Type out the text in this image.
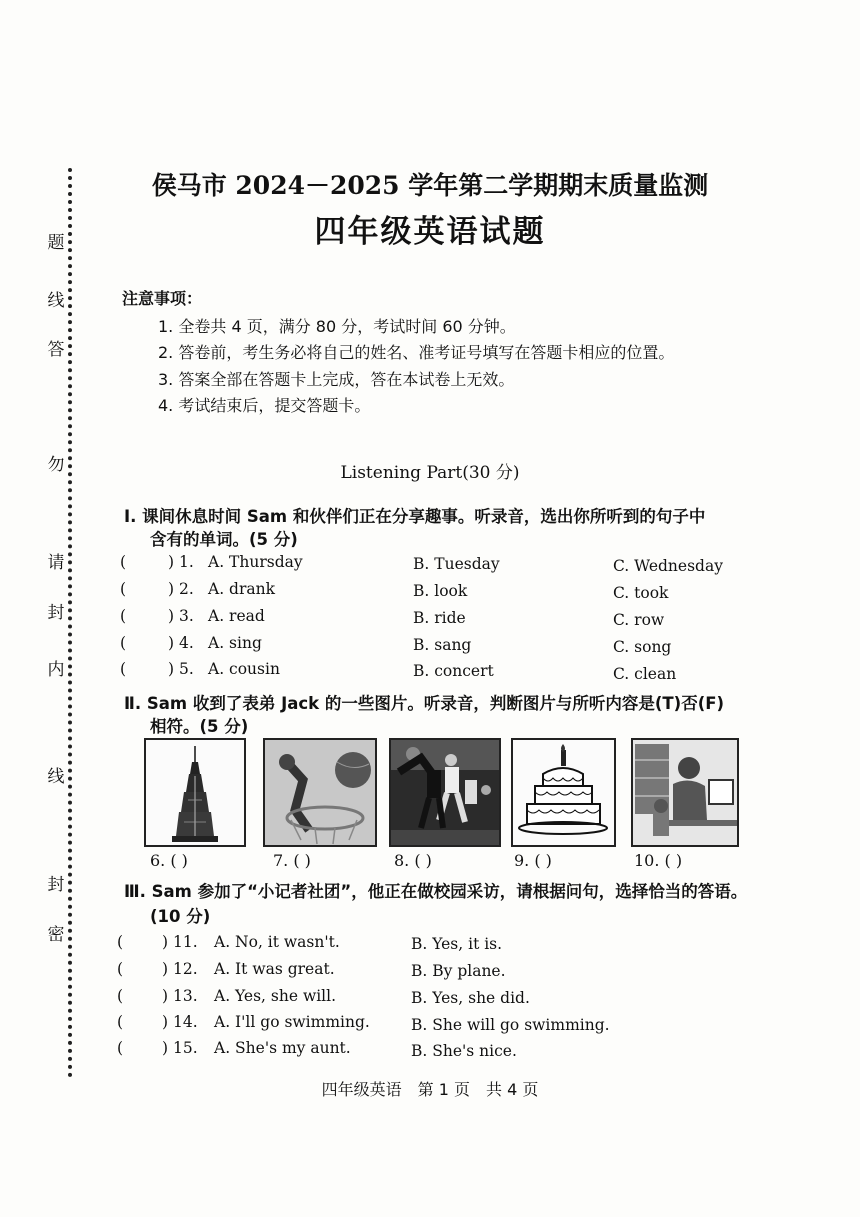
题
线
答
勿
请
封
内
线
封
密
侯马市 2024－2025 学年第二学期期末质量监测
四年级英语试题
注意事项：
1. 全卷共 4 页，满分 80 分，考试时间 60 分钟。
2. 答卷前，考生务必将自己的姓名、准考证号填写在答题卡相应的位置。
3. 答案全部在答题卡上完成，答在本试卷上无效。
4. 考试结束后，提交答题卡。
Listening Part(30 分)
Ⅰ. 课间休息时间 Sam 和伙伴们正在分享趣事。听录音，选出你所听到的句子中
含有的单词。(5 分)
(	) 1. A. Thursday	B. Tuesday	C. Wednesday
(	) 2. A. drank	B. look	C. took
(	) 3. A. read	B. ride	C. row
(	) 4. A. sing	B. sang	C. song
(	) 5. A. cousin	B. concert	C. clean
Ⅱ. Sam 收到了表弟 Jack 的一些图片。听录音，判断图片与所听内容是(T)否(F)
相符。(5 分)
6. ( )	7. ( )	8. ( )	9. ( )	10. ( )
Ⅲ. Sam 参加了“小记者社团”，他正在做校园采访，请根据问句，选择恰当的答语。
(10 分)
(	) 11. A. No, it wasn't.	B. Yes, it is.
(	) 12. A. It was great.	B. By plane.
(	) 13. A. Yes, she will.	B. Yes, she did.
(	) 14. A. I'll go swimming.	B. She will go swimming.
(	) 15. A. She's my aunt.	B. She's nice.
四年级英语　第 1 页　共 4 页
